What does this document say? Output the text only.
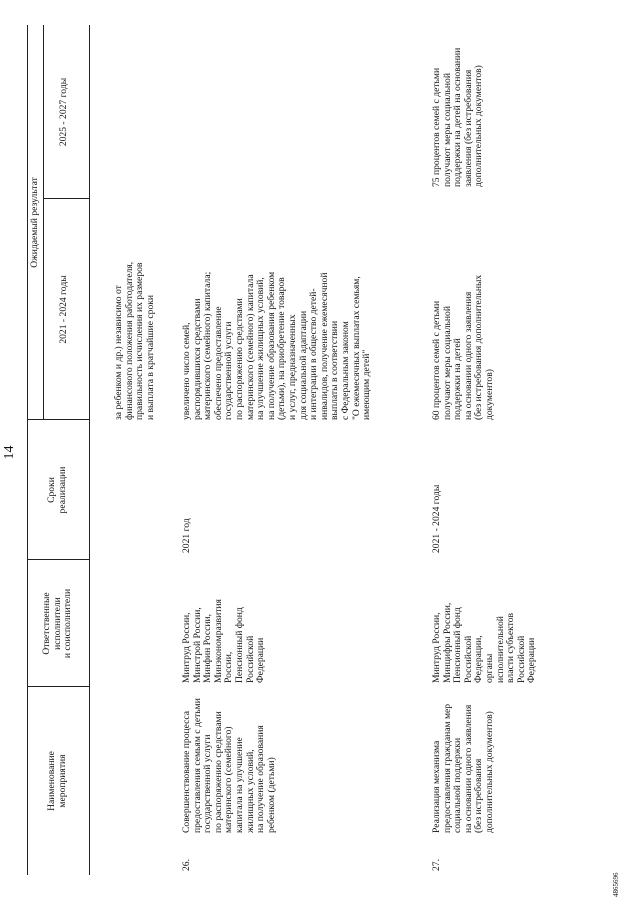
14
Наименование
мероприятия
Ответственные
исполнители
и соисполнители
Сроки
реализации
Ожидаемый результат
2021 - 2024 годы
2025 - 2027 годы
за ребенком и др.) независимо от
финансового положения работодателя,
правильность исчисления их размеров
и выплата в кратчайшие сроки
26.
Совершенствование процесса
предоставления семьям с детьми
государственной услуги
по распоряжению средствами
материнского (семейного)
капитала на улучшение
жилищных условий,
на получение образования
ребенком (детьми)
Минтруд России,
Минстрой России,
Минфин России,
Минэкономразвития
России,
Пенсионный фонд
Российской
Федерации
2021 год
увеличено число семей,
распорядившихся средствами
материнского (семейного) капитала;
обеспечено предоставление
государственной услуги
по распоряжению средствами
материнского (семейного) капитала
на улучшение жилищных условий,
на получение образования ребенком
(детьми), на приобретение товаров
и услуг, предназначенных
для социальной адаптации
и интеграции в общество детей-
инвалидов, получение ежемесячной
выплаты в соответствии
с Федеральным законом
"О ежемесячных выплатах семьям,
имеющим детей"
27.
Реализация механизма
предоставления гражданам мер
социальной поддержки
на основании одного заявления
(без истребования
дополнительных документов)
Минтруд России,
Минцифры России,
Пенсионный фонд
Российской
Федерации,
органы
исполнительной
власти субъектов
Российской
Федерации
2021 - 2024 годы
60 процентов семей с детьми
получают меры социальной
поддержки на детей
на основании одного заявления
(без истребования дополнительных
документов)
75 процентов семей с детьми
получают меры социальной
поддержки на детей на основании
заявления (без истребования
дополнительных документов)
4865696
